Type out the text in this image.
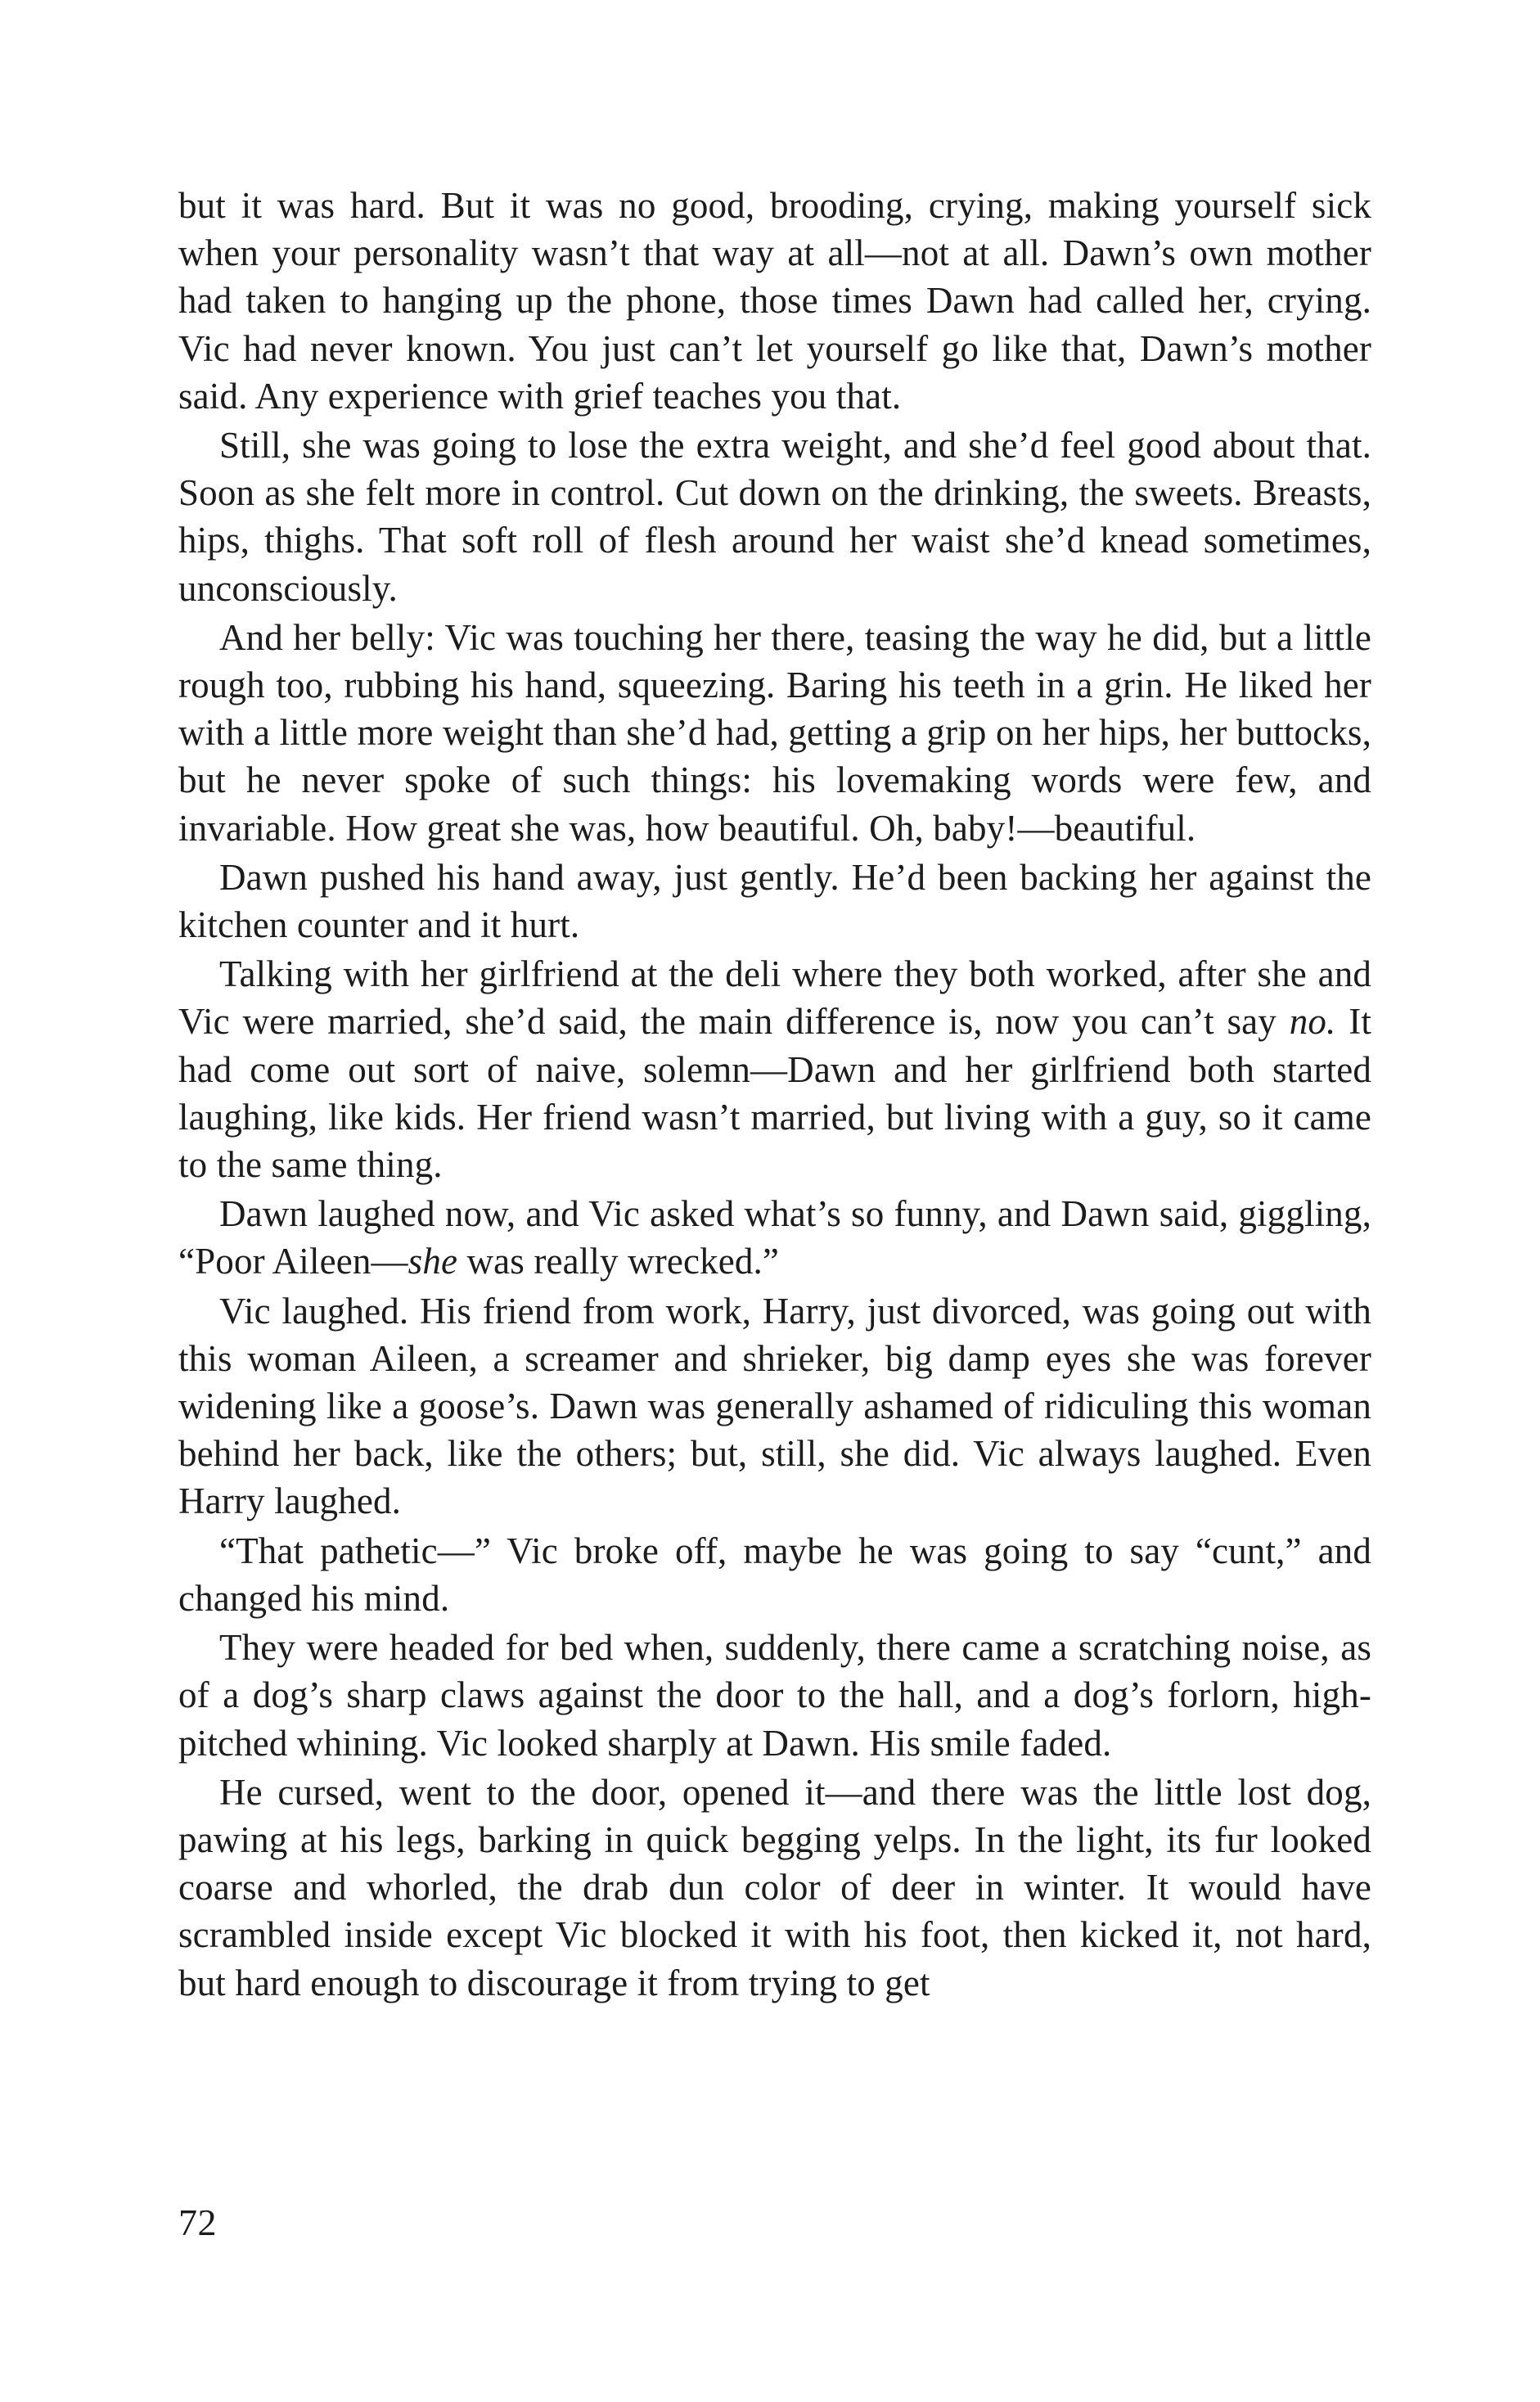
but it was hard. But it was no good, brooding, crying, making yourself sick when your personality wasn’t that way at all—not at all. Dawn’s own mother had taken to hanging up the phone, those times Dawn had called her, crying. Vic had never known. You just can’t let yourself go like that, Dawn’s mother said. Any experience with grief teaches you that.

Still, she was going to lose the extra weight, and she’d feel good about that. Soon as she felt more in control. Cut down on the drinking, the sweets. Breasts, hips, thighs. That soft roll of flesh around her waist she’d knead sometimes, unconsciously.

And her belly: Vic was touching her there, teasing the way he did, but a little rough too, rubbing his hand, squeezing. Baring his teeth in a grin. He liked her with a little more weight than she’d had, getting a grip on her hips, her buttocks, but he never spoke of such things: his lovemaking words were few, and invariable. How great she was, how beautiful. Oh, baby!—beautiful.

Dawn pushed his hand away, just gently. He’d been backing her against the kitchen counter and it hurt.

Talking with her girlfriend at the deli where they both worked, after she and Vic were married, she’d said, the main difference is, now you can’t say no. It had come out sort of naive, solemn—Dawn and her girlfriend both started laughing, like kids. Her friend wasn’t married, but living with a guy, so it came to the same thing.

Dawn laughed now, and Vic asked what’s so funny, and Dawn said, giggling, “Poor Aileen—she was really wrecked.”

Vic laughed. His friend from work, Harry, just divorced, was going out with this woman Aileen, a screamer and shrieker, big damp eyes she was forever widening like a goose’s. Dawn was generally ashamed of ridiculing this woman behind her back, like the others; but, still, she did. Vic always laughed. Even Harry laughed.

“That pathetic—” Vic broke off, maybe he was going to say “cunt,” and changed his mind.

They were headed for bed when, suddenly, there came a scratching noise, as of a dog’s sharp claws against the door to the hall, and a dog’s forlorn, high-pitched whining. Vic looked sharply at Dawn. His smile faded.

He cursed, went to the door, opened it—and there was the little lost dog, pawing at his legs, barking in quick begging yelps. In the light, its fur looked coarse and whorled, the drab dun color of deer in winter. It would have scrambled inside except Vic blocked it with his foot, then kicked it, not hard, but hard enough to discourage it from trying to get

72
